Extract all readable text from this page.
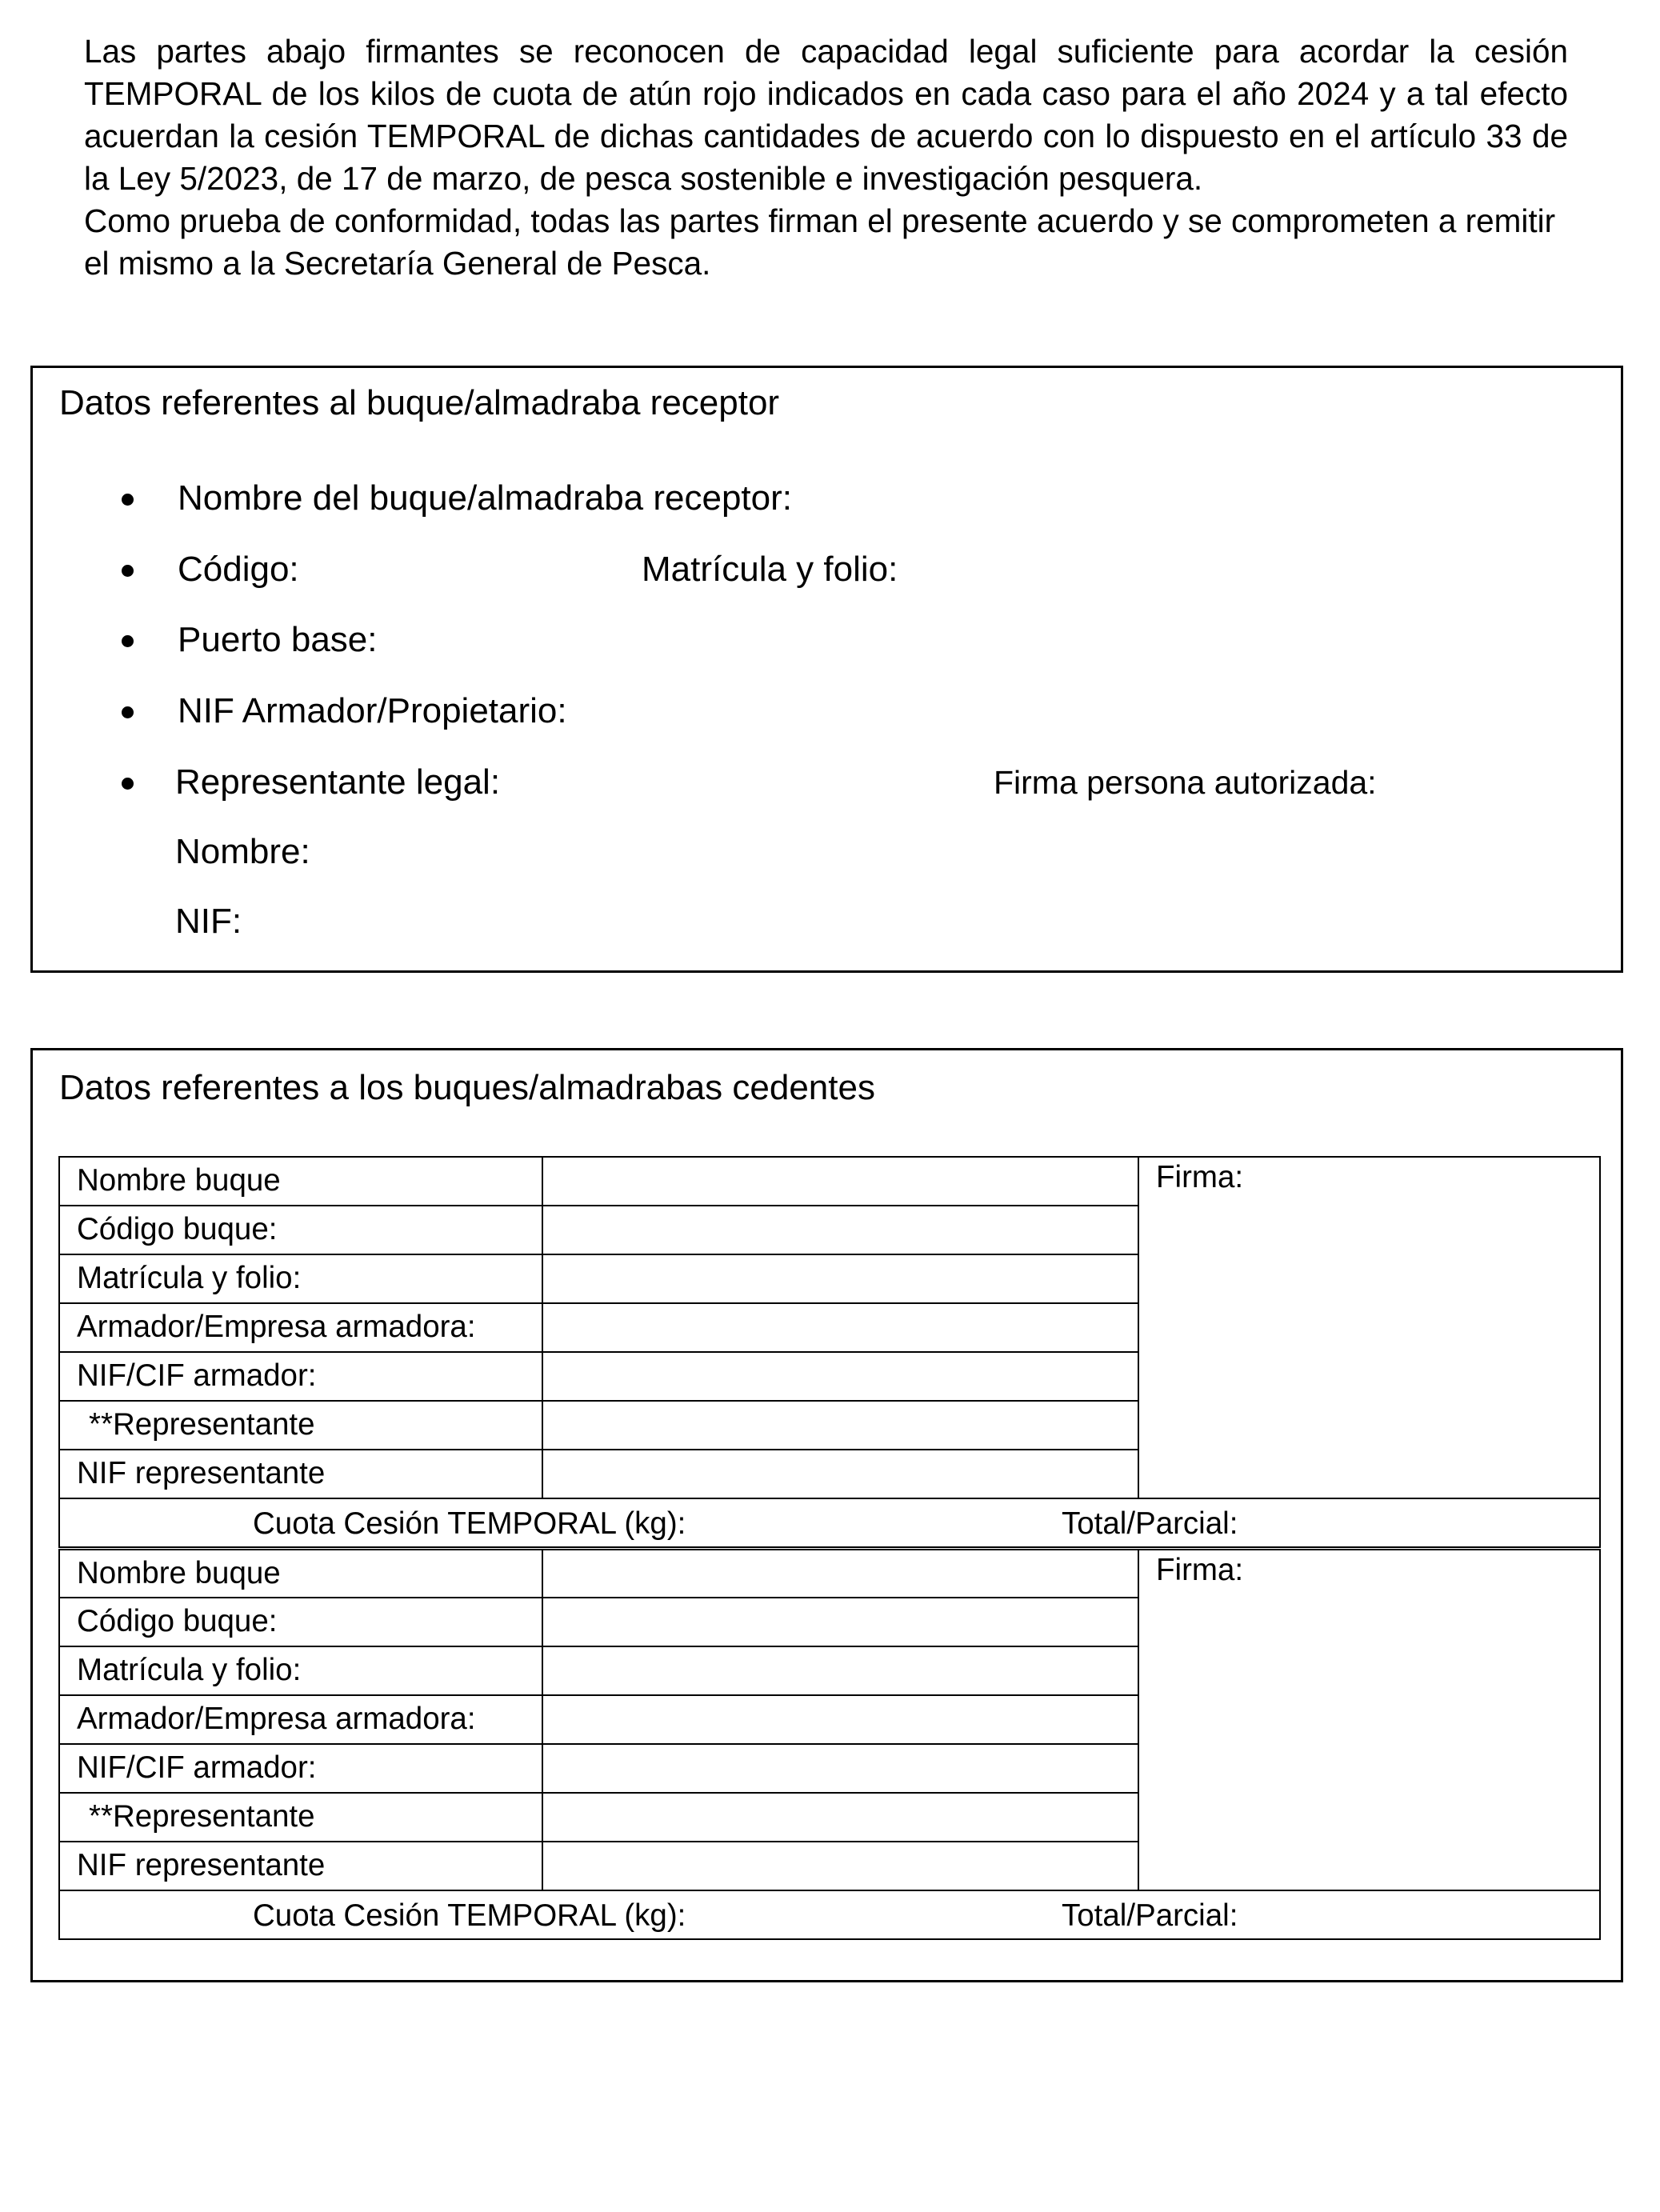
Las partes abajo firmantes se reconocen de capacidad legal suficiente para acordar la cesión TEMPORAL de los kilos de cuota de atún rojo indicados en cada caso para el año 2024 y a tal efecto acuerdan la cesión TEMPORAL de dichas cantidades de acuerdo con lo dispuesto en el artículo 33 de la Ley 5/2023, de 17 de marzo, de pesca sostenible e investigación pesquera.

Como prueba de conformidad, todas las partes firman el presente acuerdo y se comprometen a remitir el mismo a la Secretaría General de Pesca.

Datos referentes al buque/almadraba receptor
Nombre del buque/almadraba receptor:
Código:	Matrícula y folio:
Puerto base:
NIF Armador/Propietario:
Representante legal:	Firma persona autorizada:
Nombre:
NIF:
Datos referentes a los buques/almadrabas cedentes
Nombre buque		Firma:
Código buque:		
Matrícula y folio:		
Armador/Empresa armadora:		
NIF/CIF armador:		
**Representante		
NIF representante		

Cuota Cesión TEMPORAL (kg): Total/Parcial:		
Nombre buque		Firma:
Código buque:		
Matrícula y folio:		
Armador/Empresa armadora:		
NIF/CIF armador:		
**Representante		
NIF representante		

Cuota Cesión TEMPORAL (kg): Total/Parcial:		
